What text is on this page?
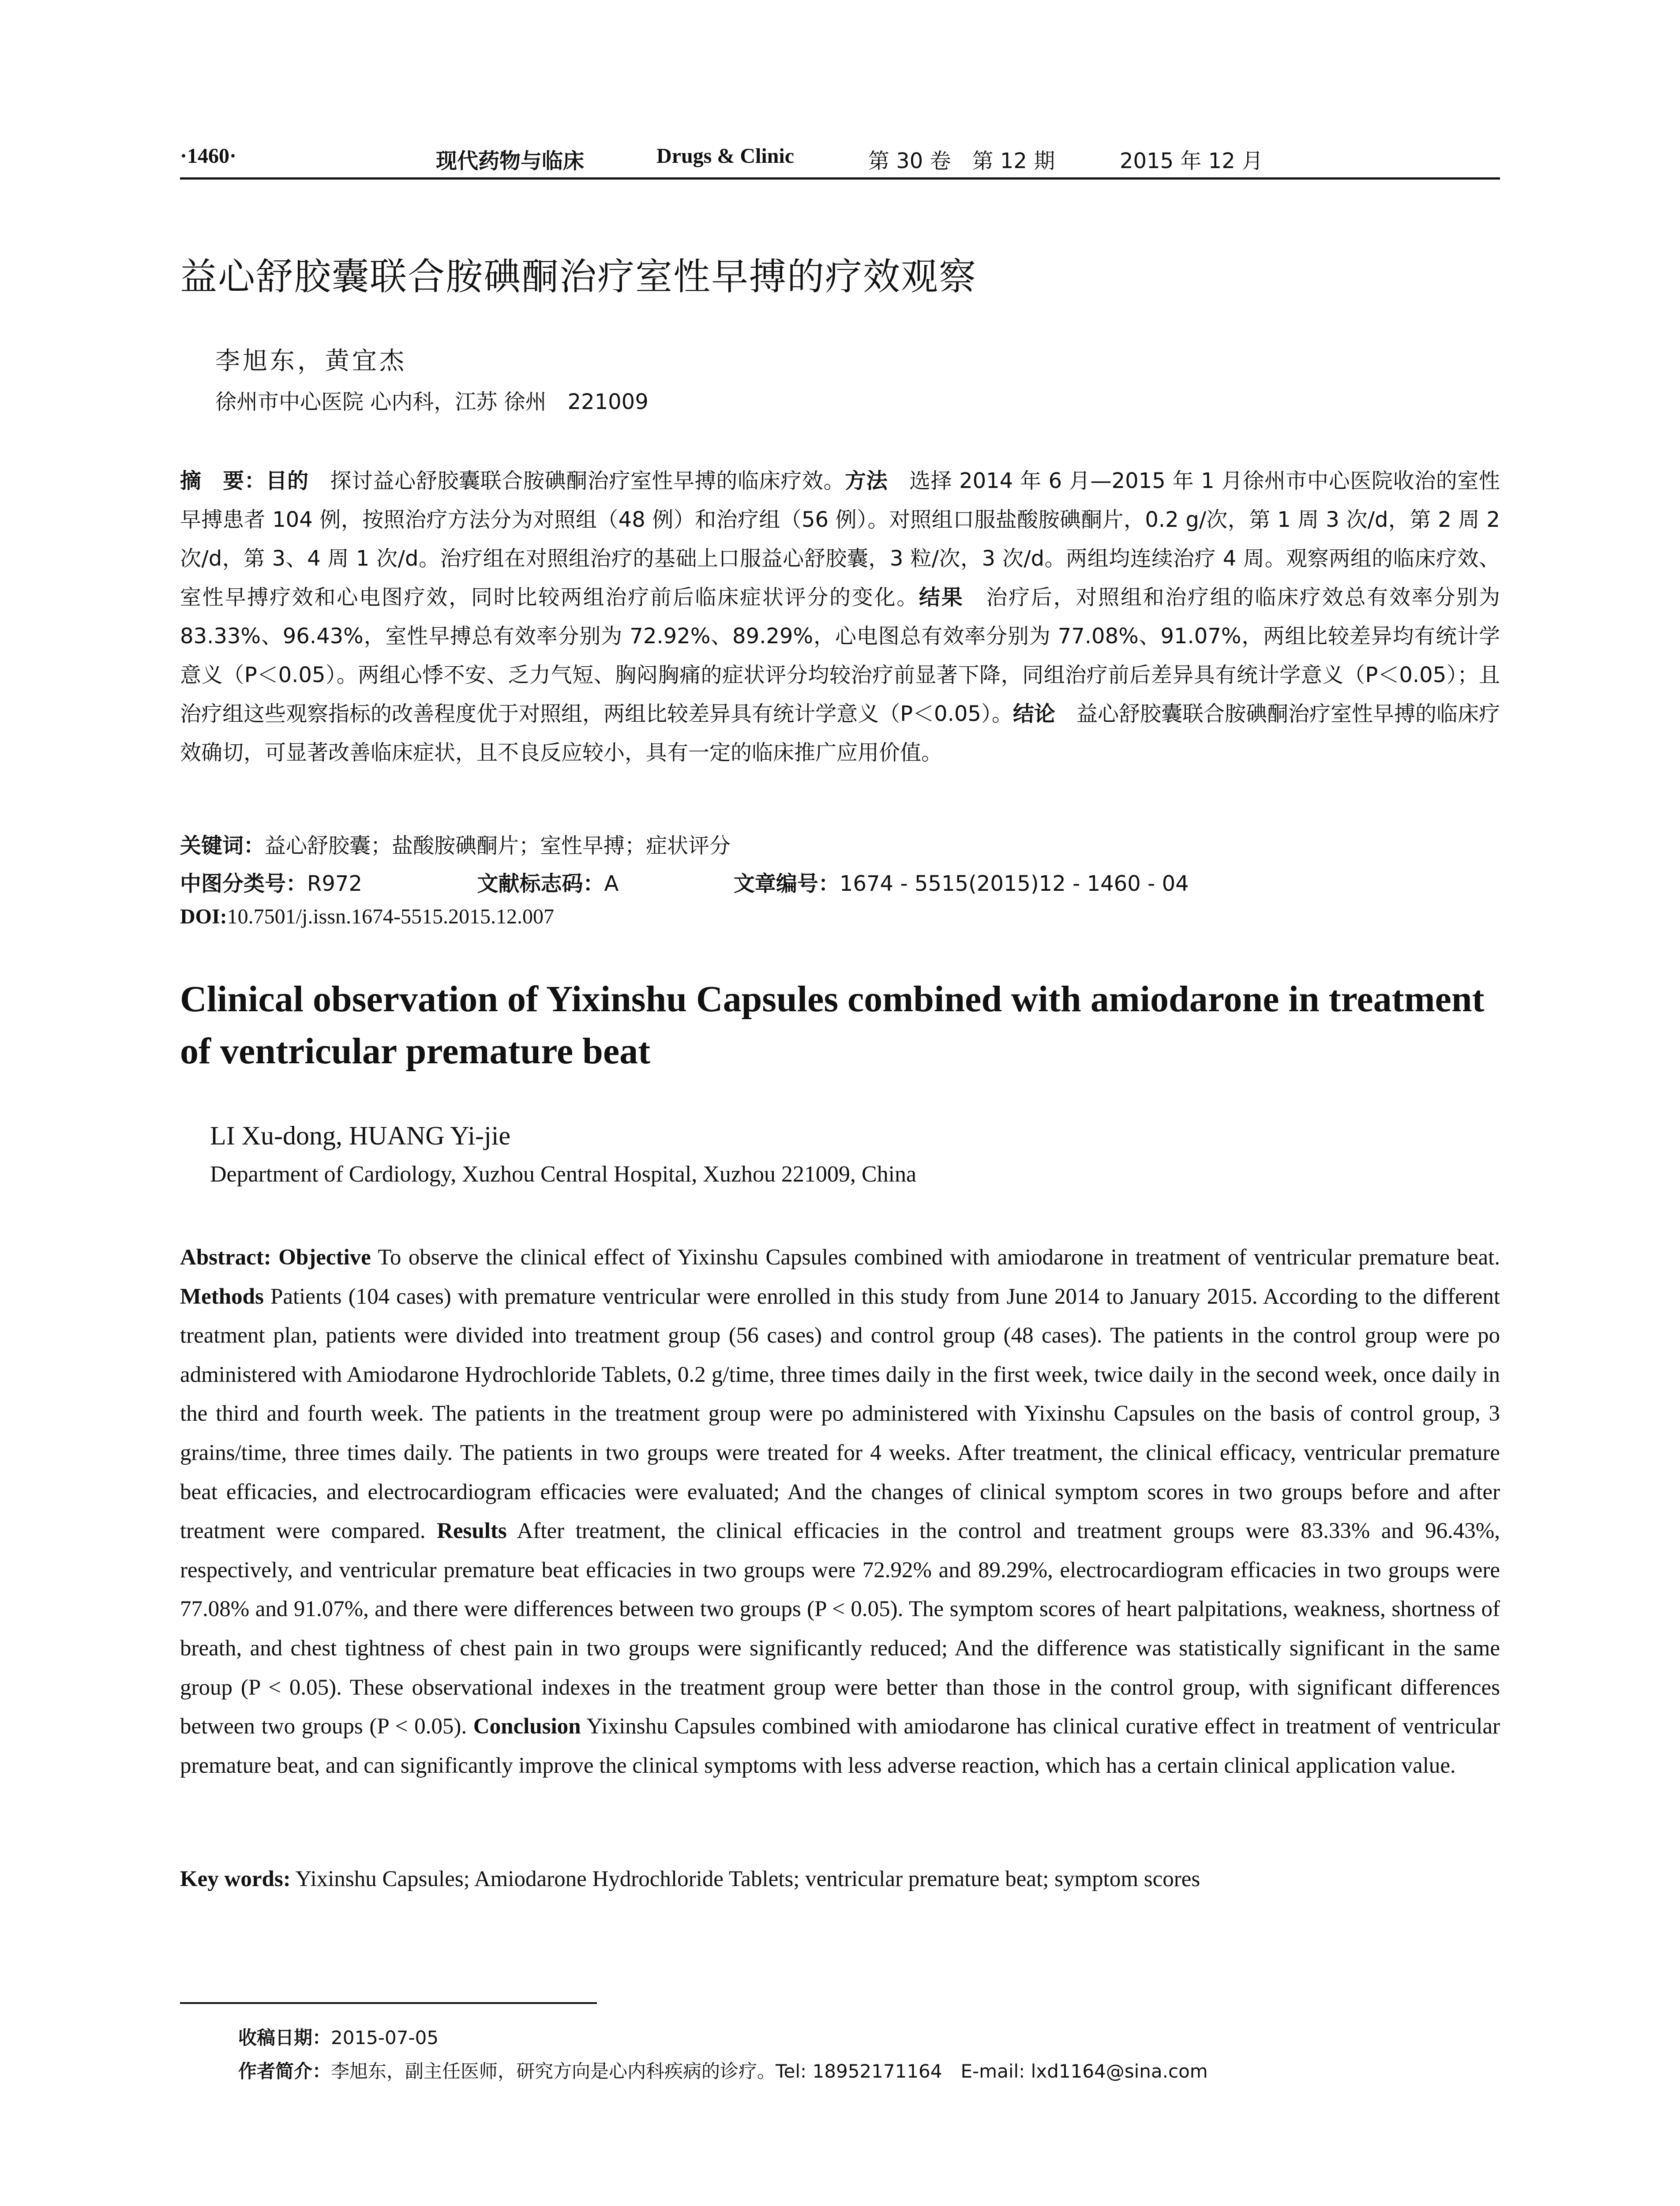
·1460·	现代药物与临床	Drugs & Clinic	第 30 卷　第 12 期	2015 年 12 月
益心舒胶囊联合胺碘酮治疗室性早搏的疗效观察
李旭东，黄宜杰
徐州市中心医院 心内科，江苏 徐州　221009
摘　要：目的　探讨益心舒胶囊联合胺碘酮治疗室性早搏的临床疗效。方法　选择 2014 年 6 月—2015 年 1 月徐州市中心医院收治的室性早搏患者 104 例，按照治疗方法分为对照组（48 例）和治疗组（56 例）。对照组口服盐酸胺碘酮片，0.2 g/次，第 1 周 3 次/d，第 2 周 2 次/d，第 3、4 周 1 次/d。治疗组在对照组治疗的基础上口服益心舒胶囊，3 粒/次，3 次/d。两组均连续治疗 4 周。观察两组的临床疗效、室性早搏疗效和心电图疗效，同时比较两组治疗前后临床症状评分的变化。结果　治疗后，对照组和治疗组的临床疗效总有效率分别为 83.33%、96.43%，室性早搏总有效率分别为 72.92%、89.29%，心电图总有效率分别为 77.08%、91.07%，两组比较差异均有统计学意义（P＜0.05）。两组心悸不安、乏力气短、胸闷胸痛的症状评分均较治疗前显著下降，同组治疗前后差异具有统计学意义（P＜0.05）；且治疗组这些观察指标的改善程度优于对照组，两组比较差异具有统计学意义（P＜0.05）。结论　益心舒胶囊联合胺碘酮治疗室性早搏的临床疗效确切，可显著改善临床症状，且不良反应较小，具有一定的临床推广应用价值。
关键词：益心舒胶囊；盐酸胺碘酮片；室性早搏；症状评分
中图分类号：R972	文献标志码：A	文章编号：1674 - 5515(2015)12 - 1460 - 04
DOI:10.7501/j.issn.1674-5515.2015.12.007
Clinical observation of Yixinshu Capsules combined with amiodarone in treatment of ventricular premature beat
LI Xu-dong, HUANG Yi-jie
Department of Cardiology, Xuzhou Central Hospital, Xuzhou 221009, China
Abstract: Objective To observe the clinical effect of Yixinshu Capsules combined with amiodarone in treatment of ventricular premature beat. Methods Patients (104 cases) with premature ventricular were enrolled in this study from June 2014 to January 2015. According to the different treatment plan, patients were divided into treatment group (56 cases) and control group (48 cases). The patients in the control group were po administered with Amiodarone Hydrochloride Tablets, 0.2 g/time, three times daily in the first week, twice daily in the second week, once daily in the third and fourth week. The patients in the treatment group were po administered with Yixinshu Capsules on the basis of control group, 3 grains/time, three times daily. The patients in two groups were treated for 4 weeks. After treatment, the clinical efficacy, ventricular premature beat efficacies, and electrocardiogram efficacies were evaluated; And the changes of clinical symptom scores in two groups before and after treatment were compared. Results After treatment, the clinical efficacies in the control and treatment groups were 83.33% and 96.43%, respectively, and ventricular premature beat efficacies in two groups were 72.92% and 89.29%, electrocardiogram efficacies in two groups were 77.08% and 91.07%, and there were differences between two groups (P < 0.05). The symptom scores of heart palpitations, weakness, shortness of breath, and chest tightness of chest pain in two groups were significantly reduced; And the difference was statistically significant in the same group (P < 0.05). These observational indexes in the treatment group were better than those in the control group, with significant differences between two groups (P < 0.05). Conclusion Yixinshu Capsules combined with amiodarone has clinical curative effect in treatment of ventricular premature beat, and can significantly improve the clinical symptoms with less adverse reaction, which has a certain clinical application value.
Key words: Yixinshu Capsules; Amiodarone Hydrochloride Tablets; ventricular premature beat; symptom scores
收稿日期：2015-07-05
作者简介：李旭东，副主任医师，研究方向是心内科疾病的诊疗。Tel: 18952171164　E-mail: lxd1164@sina.com
